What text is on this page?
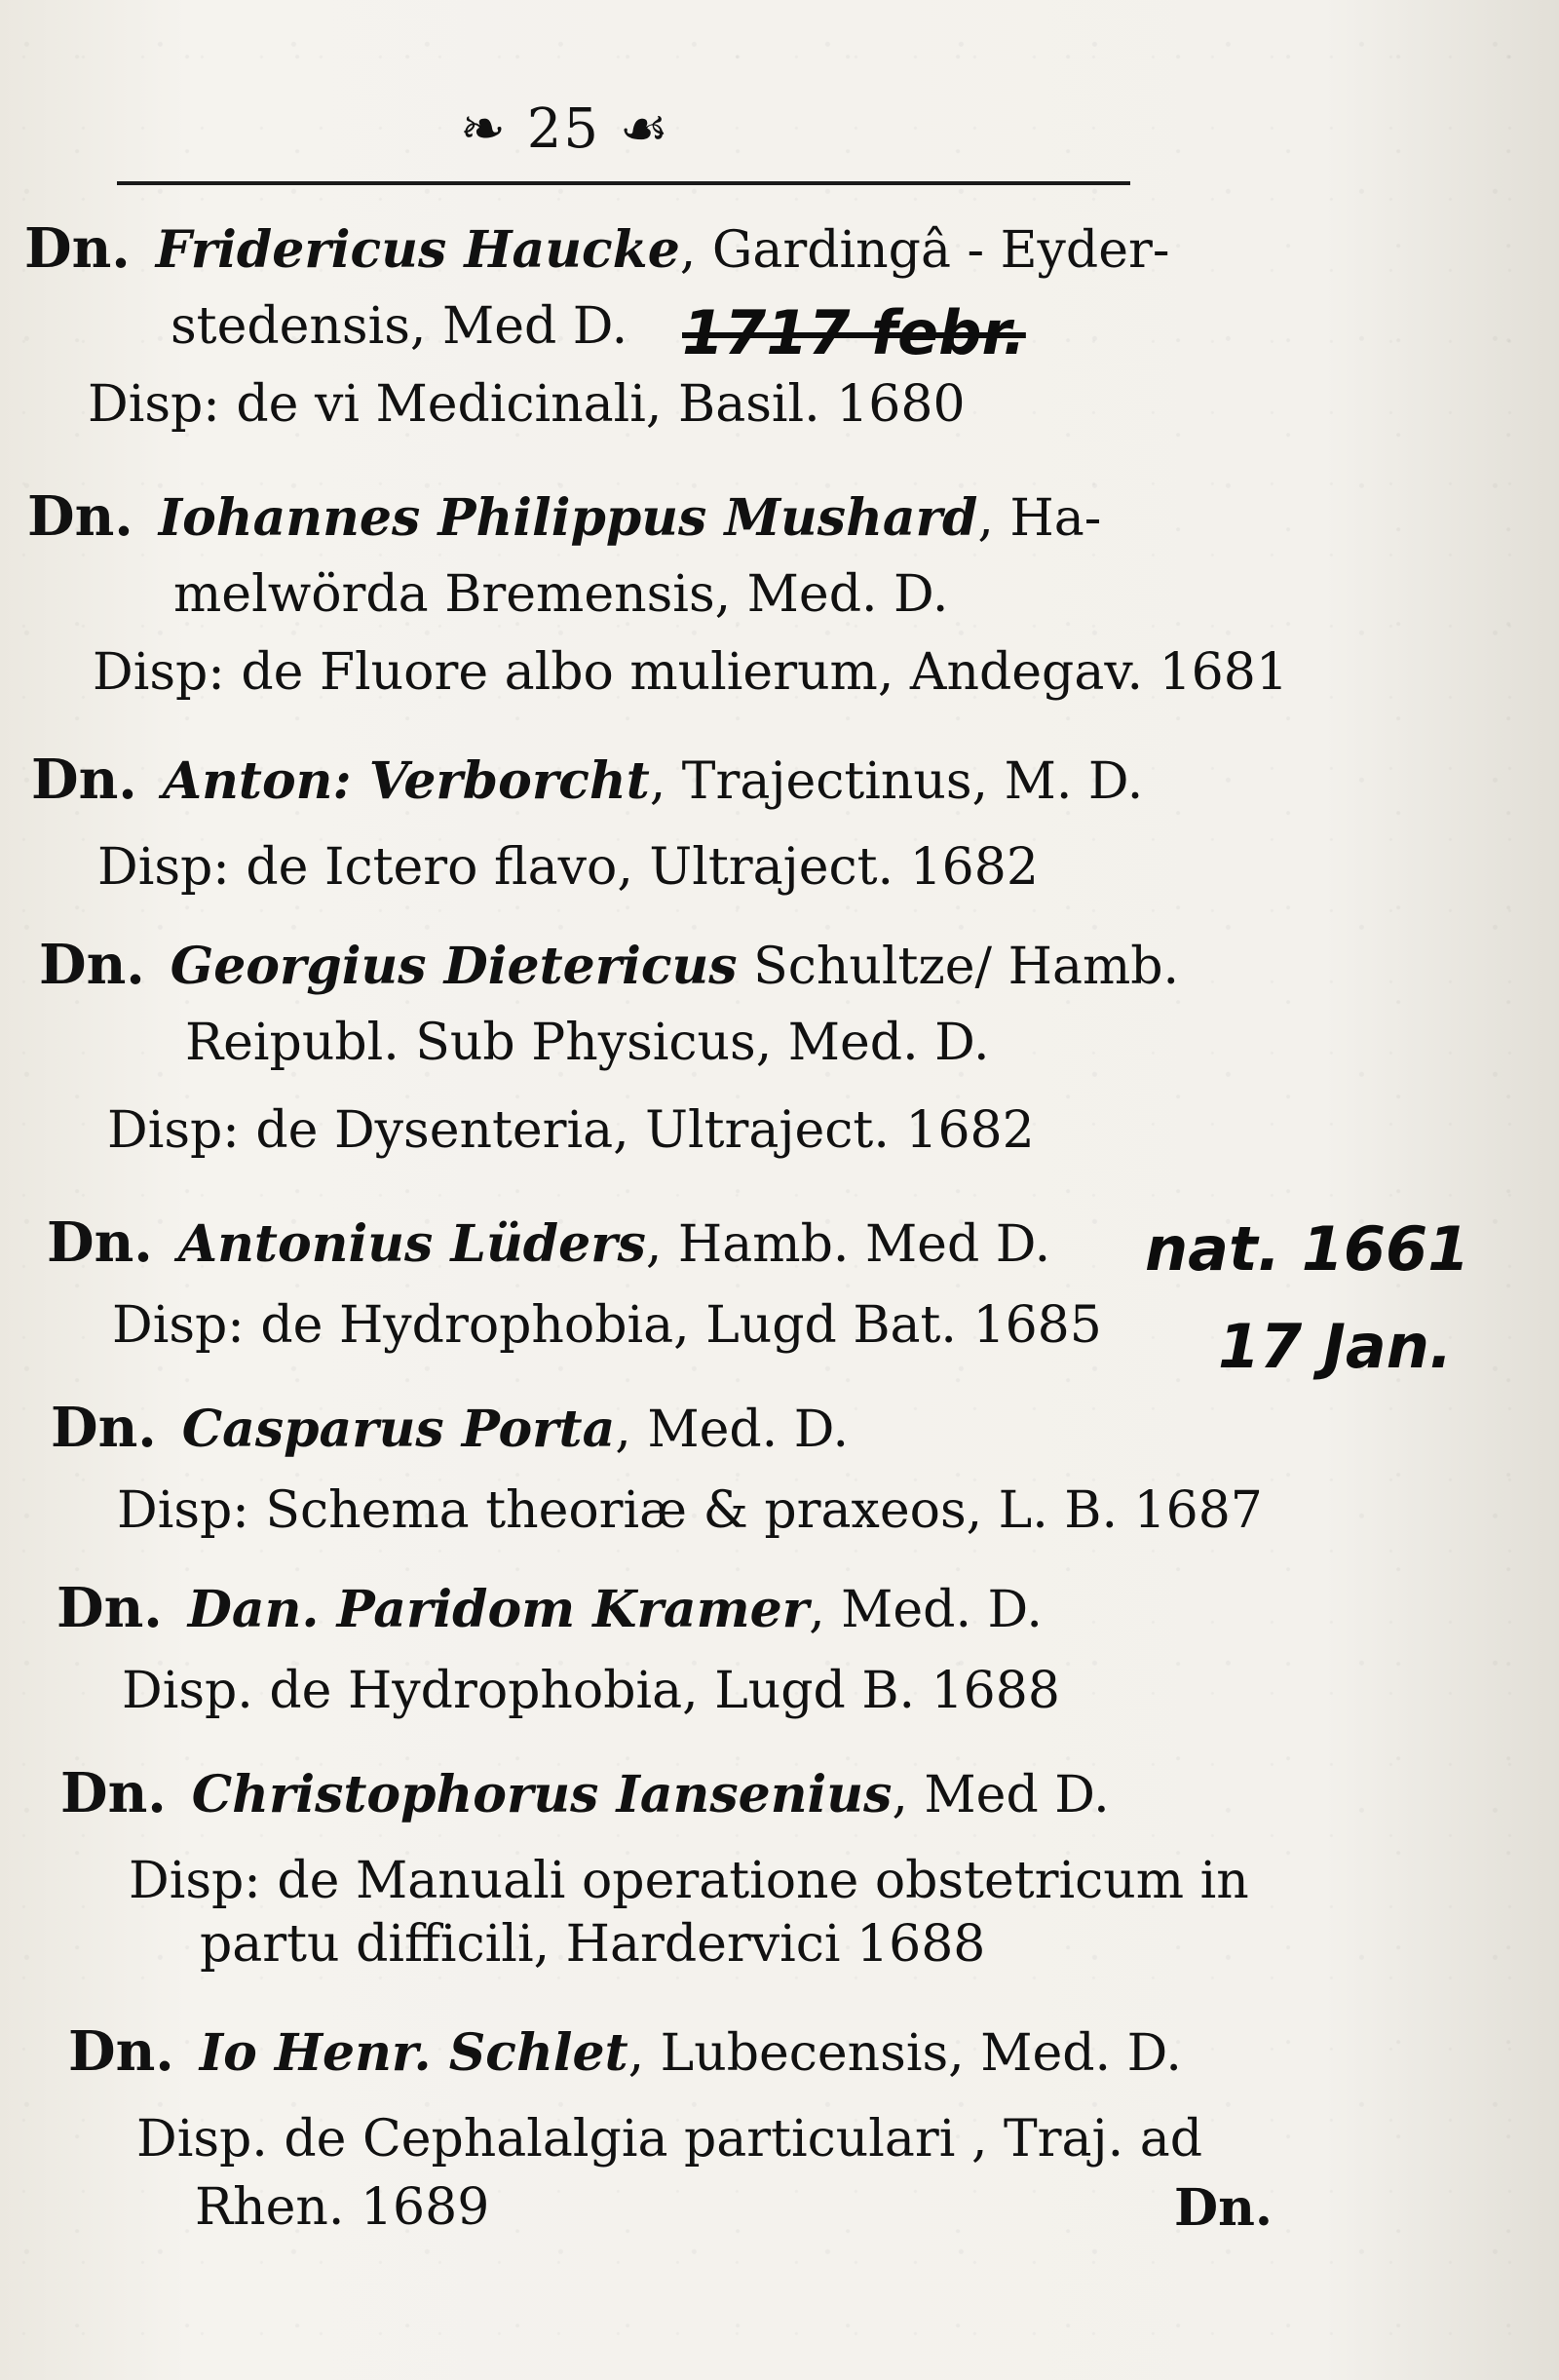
❧ 25 ☙
Dn. Fridericus Haucke, Gardingâ - Eyder-
stedensis, Med D.
Disp: de vi Medicinali, Basil. 1680
Dn. Iohannes Philippus Mushard, Ha-
melwörda Bremensis, Med. D.
Disp: de Fluore albo mulierum, Andegav. 1681
Dn. Anton: Verborcht, Trajectinus, M. D.
Disp: de Ictero flavo, Ultraject. 1682
Dn. Georgius Dietericus Schultze/ Hamb.
Reipubl. Sub Physicus, Med. D.
Disp: de Dysenteria, Ultraject. 1682
Dn. Antonius Lüders, Hamb. Med D.
Disp: de Hydrophobia, Lugd Bat. 1685
Dn. Casparus Porta, Med. D.
Disp: Schema theoriæ & praxeos, L. B. 1687
Dn. Dan. Paridom Kramer, Med. D.
Disp. de Hydrophobia, Lugd B. 1688
Dn. Christophorus Iansenius, Med D.
Disp: de Manuali operatione obstetricum in
partu difficili, Hardervici 1688
Dn. Io Henr. Schlet, Lubecensis, Med. D.
Disp. de Cephalalgia particulari , Traj. ad
Rhen. 1689
1717 febr.
nat. 1661
17 Jan.
Dn.
